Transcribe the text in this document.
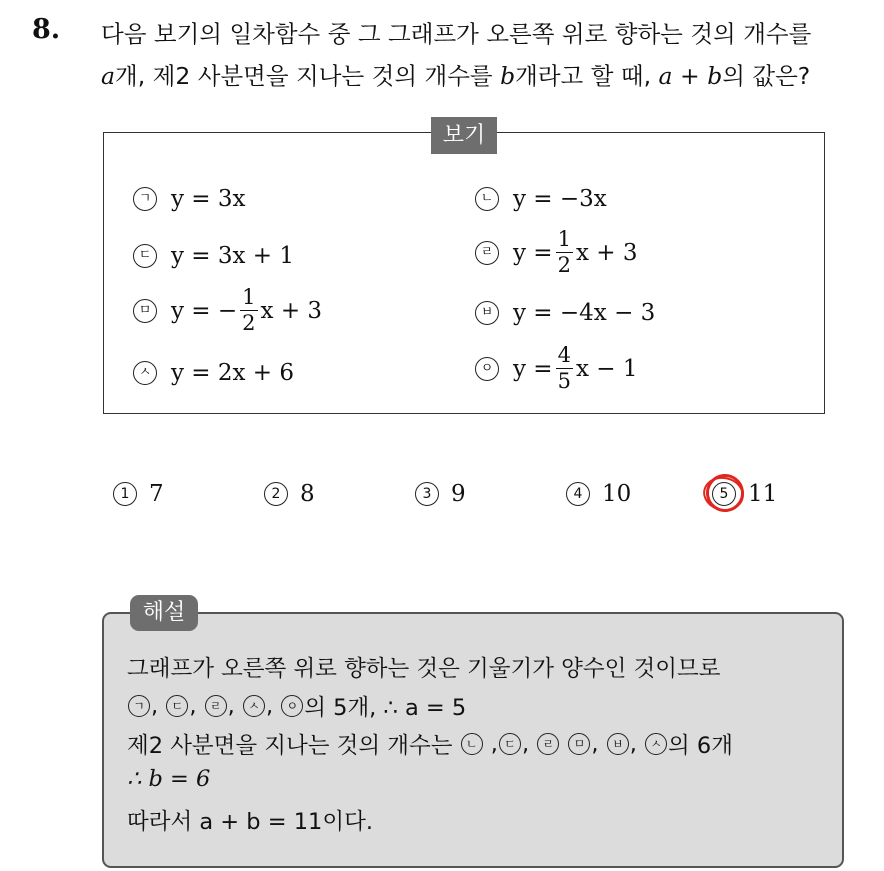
8. 다음 보기의 일차함수 중 그 그래프가 오른쪽 위로 향하는 것의 개수를
a개, 제2 사분면을 지나는 것의 개수를 b개라고 할 때, a + b의 값은?
보기
ㄱ y = 3x	ㄴ y = −3x
ㄷ y = 3x + 1	ㄹ $y = \frac{1}{2}$ x + 3
ㅁ y = − $\frac{1}{2}$ x + 3	ㅂ y = −4x − 3
ㅅ y = 2x + 6	ㅇ $y = \frac{4}{5}$ x − 1
1 7	2 8	3 9	4 10	5 11
해설
그래프가 오른쪽 위로 향하는 것은 기울기가 양수인 것이므로
ㄱ , ㄷ , ㄹ , ㅅ , ㅇ 의 5개, ∴ a = 5
제2 사분면을 지나는 것의 개수는
	ㄴ , ㄷ , ㄹ
	ㅁ , ㅂ , ㅅ 의 6개
∴ b = 6
따라서 a + b = 11이다.
